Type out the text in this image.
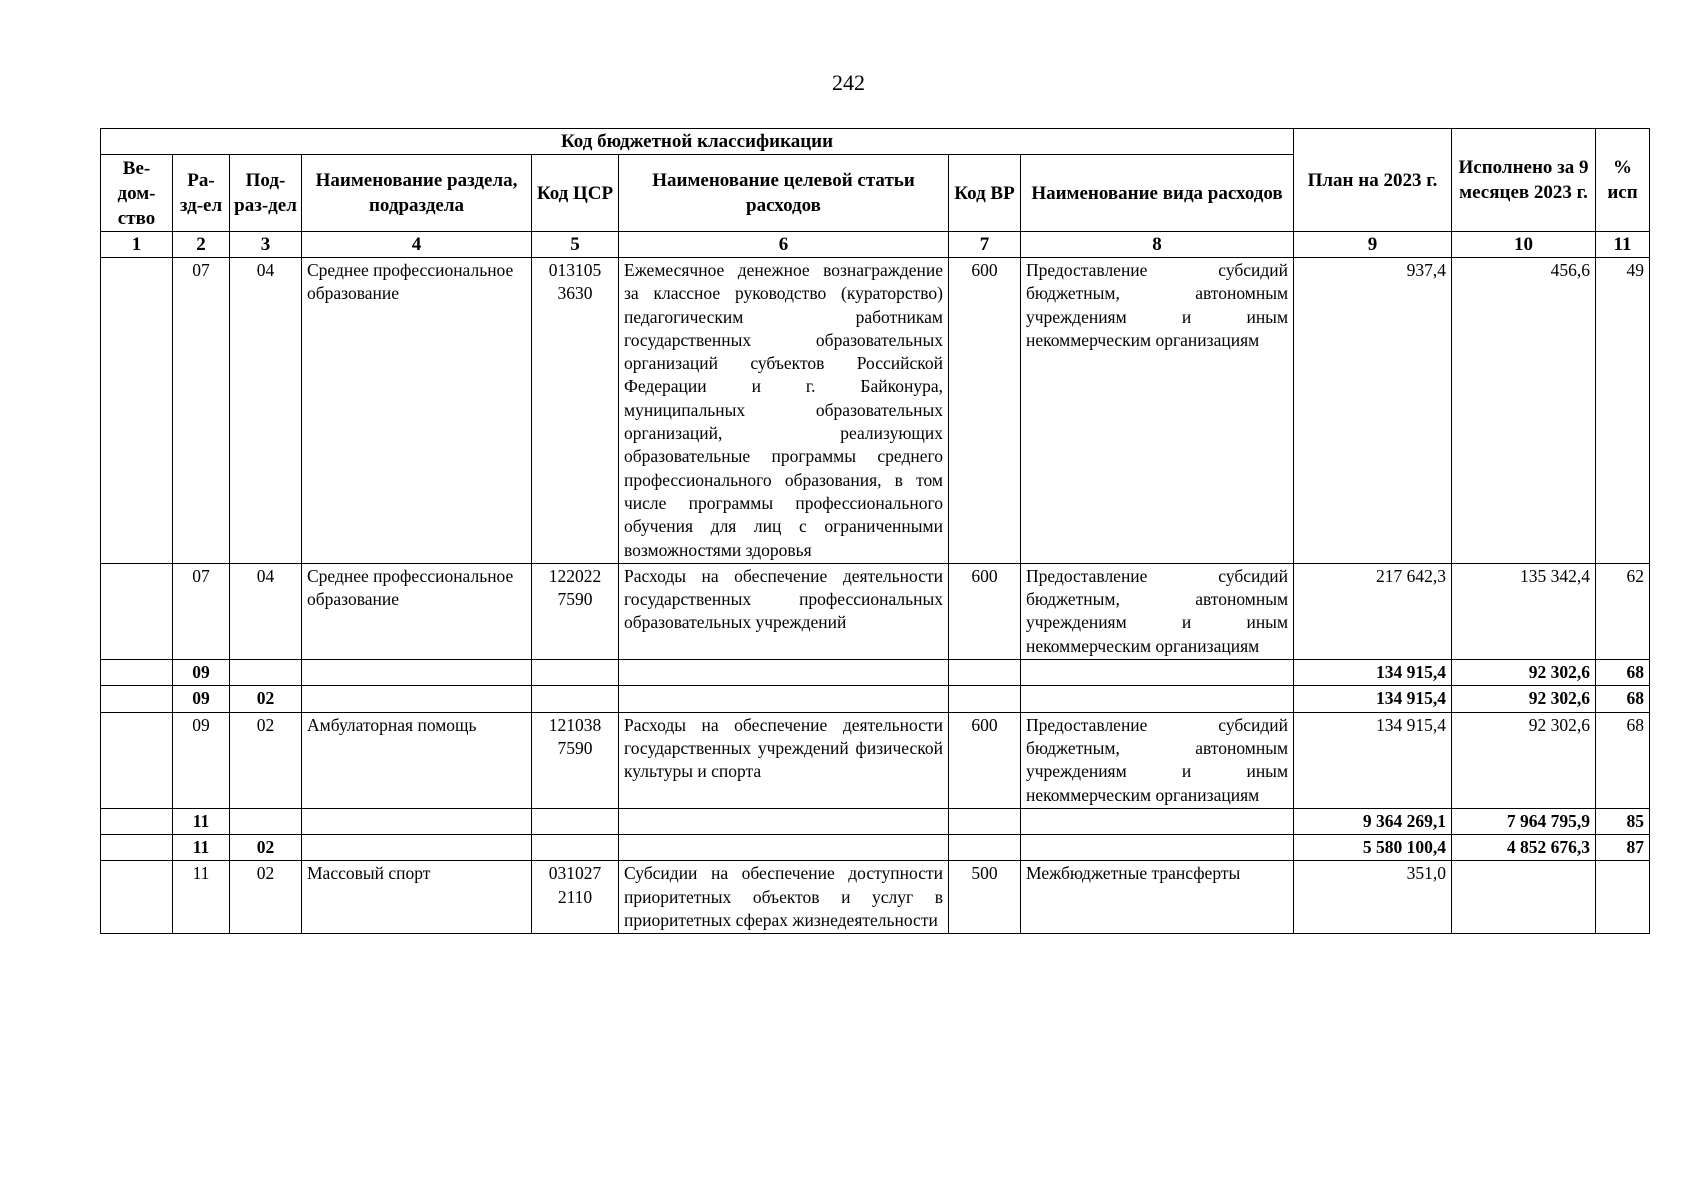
242
Код бюджетной классификации								План на 2023 г.	Исполнено за 9 месяцев 2023 г.	% исп
Ве-дом-ство	Ра-зд-ел	Под-раз-дел	Наименование раздела, подраздела	Код ЦСР	Наименование целевой статьи расходов	Код ВР	Наименование вида расходов			
1	2	3	4	5	6	7	8	9	10	11
	07	04	Среднее профессиональное образование	013105 3630	Ежемесячное денежное вознаграждение за классное руководство (кураторство) педагогическим работникам государственных образовательных организаций субъектов Российской Федерации и г. Байконура, муниципальных образовательных организаций, реализующих образовательные программы среднего профессионального образования, в том числе программы профессионального обучения для лиц с ограниченными возможностями здоровья	600	Предоставление субсидий бюджетным, автономным учреждениям и иным некоммерческим организациям	937,4	456,6	49
	07	04	Среднее профессиональное образование	122022 7590	Расходы на обеспечение деятельности государственных профессиональных образовательных учреждений	600	Предоставление субсидий бюджетным, автономным учреждениям и иным некоммерческим организациям	217 642,3	135 342,4	62
	09							134 915,4	92 302,6	68
	09	02						134 915,4	92 302,6	68
	09	02	Амбулаторная помощь	121038 7590	Расходы на обеспечение деятельности государственных учреждений физической культуры и спорта	600	Предоставление субсидий бюджетным, автономным учреждениям и иным некоммерческим организациям	134 915,4	92 302,6	68
	11							9 364 269,1	7 964 795,9	85
	11	02						5 580 100,4	4 852 676,3	87
	11	02	Массовый спорт	031027 2110	Субсидии на обеспечение доступности приоритетных объектов и услуг в приоритетных сферах жизнедеятельности	500	Межбюджетные трансферты	351,0		
